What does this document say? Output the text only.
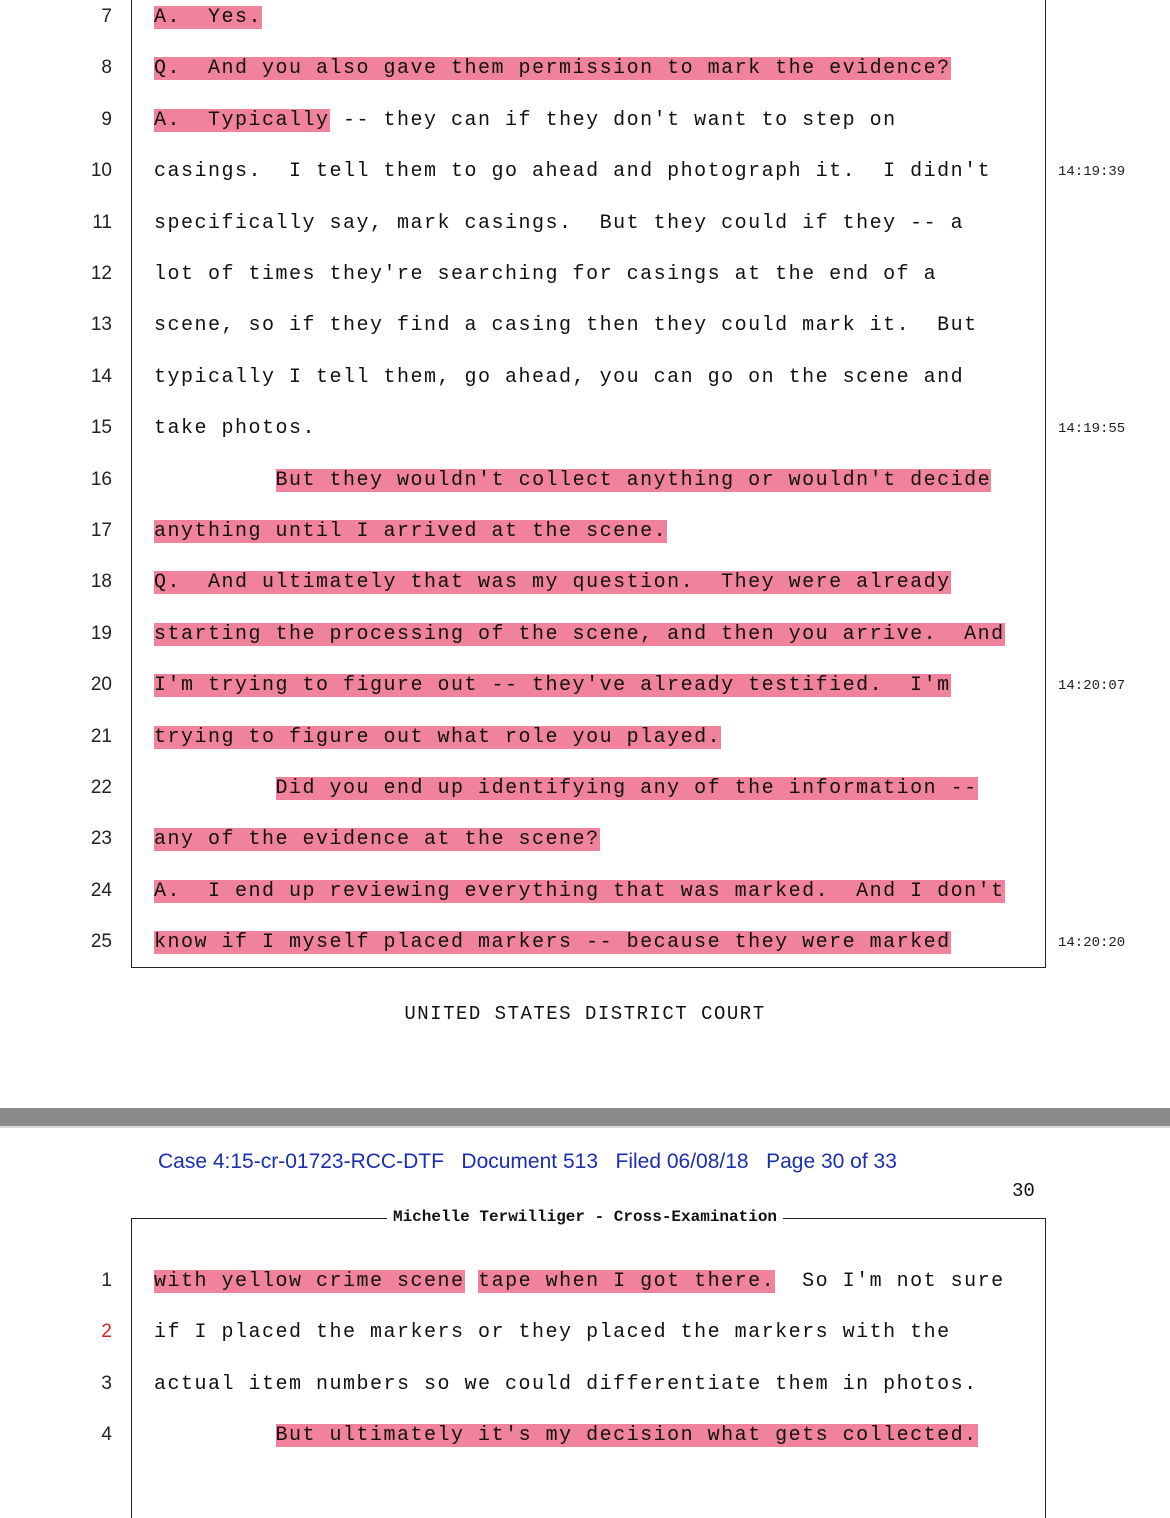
7 A.  Yes.
8 Q.  And you also gave them permission to mark the evidence?
9 A.  Typically -- they can if they don't want to step on
10 casings.  I tell them to go ahead and photograph it.  I didn't	14:19:39
11 specifically say, mark casings.  But they could if they -- a
12 lot of times they're searching for casings at the end of a
13 scene, so if they find a casing then they could mark it.  But
14 typically I tell them, go ahead, you can go on the scene and
15 take photos.	14:19:55
16	But they wouldn't collect anything or wouldn't decide
17 anything until I arrived at the scene.
18 Q.  And ultimately that was my question.  They were already
19 starting the processing of the scene, and then you arrive.  And
20 I'm trying to figure out -- they've already testified.  I'm	14:20:07
21 trying to figure out what role you played.
22	Did you end up identifying any of the information --
23 any of the evidence at the scene?
24 A.  I end up reviewing everything that was marked.  And I don't
25 know if I myself placed markers -- because they were marked	14:20:20
UNITED STATES DISTRICT COURT
Case 4:15-cr-01723-RCC-DTF   Document 513   Filed 06/08/18   Page 30 of 33
30
Michelle Terwilliger - Cross-Examination
1 with yellow crime scene tape when I got there.  So I'm not sure
2 if I placed the markers or they placed the markers with the
3 actual item numbers so we could differentiate them in photos.
4	But ultimately it's my decision what gets collected.
